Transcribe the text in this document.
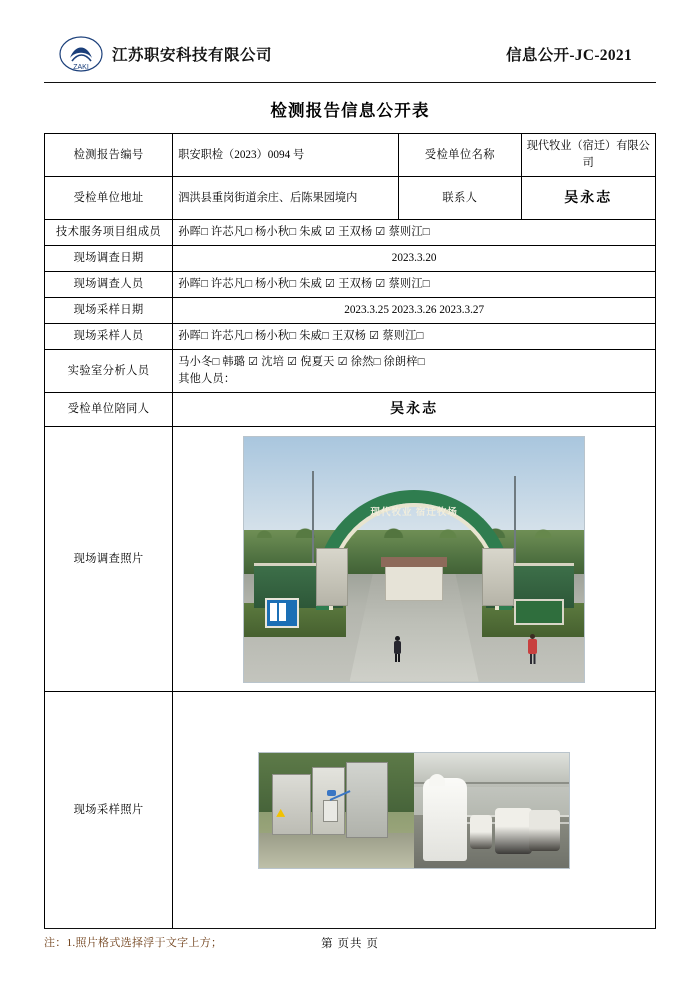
ZAKI
江苏职安科技有限公司	信息公开-JC-2021
检测报告信息公开表
检测报告编号	职安职检（2023）0094 号	受检单位名称	现代牧业（宿迁）有限公司
受检单位地址	泗洪县重岗街道余庄、后陈果园境内	联系人	吴永志
技术服务项目组成员	孙晖□ 许芯凡□ 杨小秋□ 朱威 ☑ 王双杨 ☑ 蔡则江□		
现场调查日期	2023.3.20		
现场调查人员	孙晖□ 许芯凡□ 杨小秋□ 朱威 ☑ 王双杨 ☑ 蔡则江□		
现场采样日期	2023.3.25 2023.3.26 2023.3.27		
现场采样人员	孙晖□ 许芯凡□ 杨小秋□ 朱威□ 王双杨 ☑ 蔡则江□		
实验室分析人员	马小冬□ 韩璐 ☑ 沈培 ☑ 倪夏天 ☑ 徐然□ 徐朗梓□
其他人员：		

受检单位陪同人	吴永志		
现场调查照片	现代牧业 宿迁牧场		

现场采样照片			
注：1.照片格式选择浮于文字上方；	第 页共 页
